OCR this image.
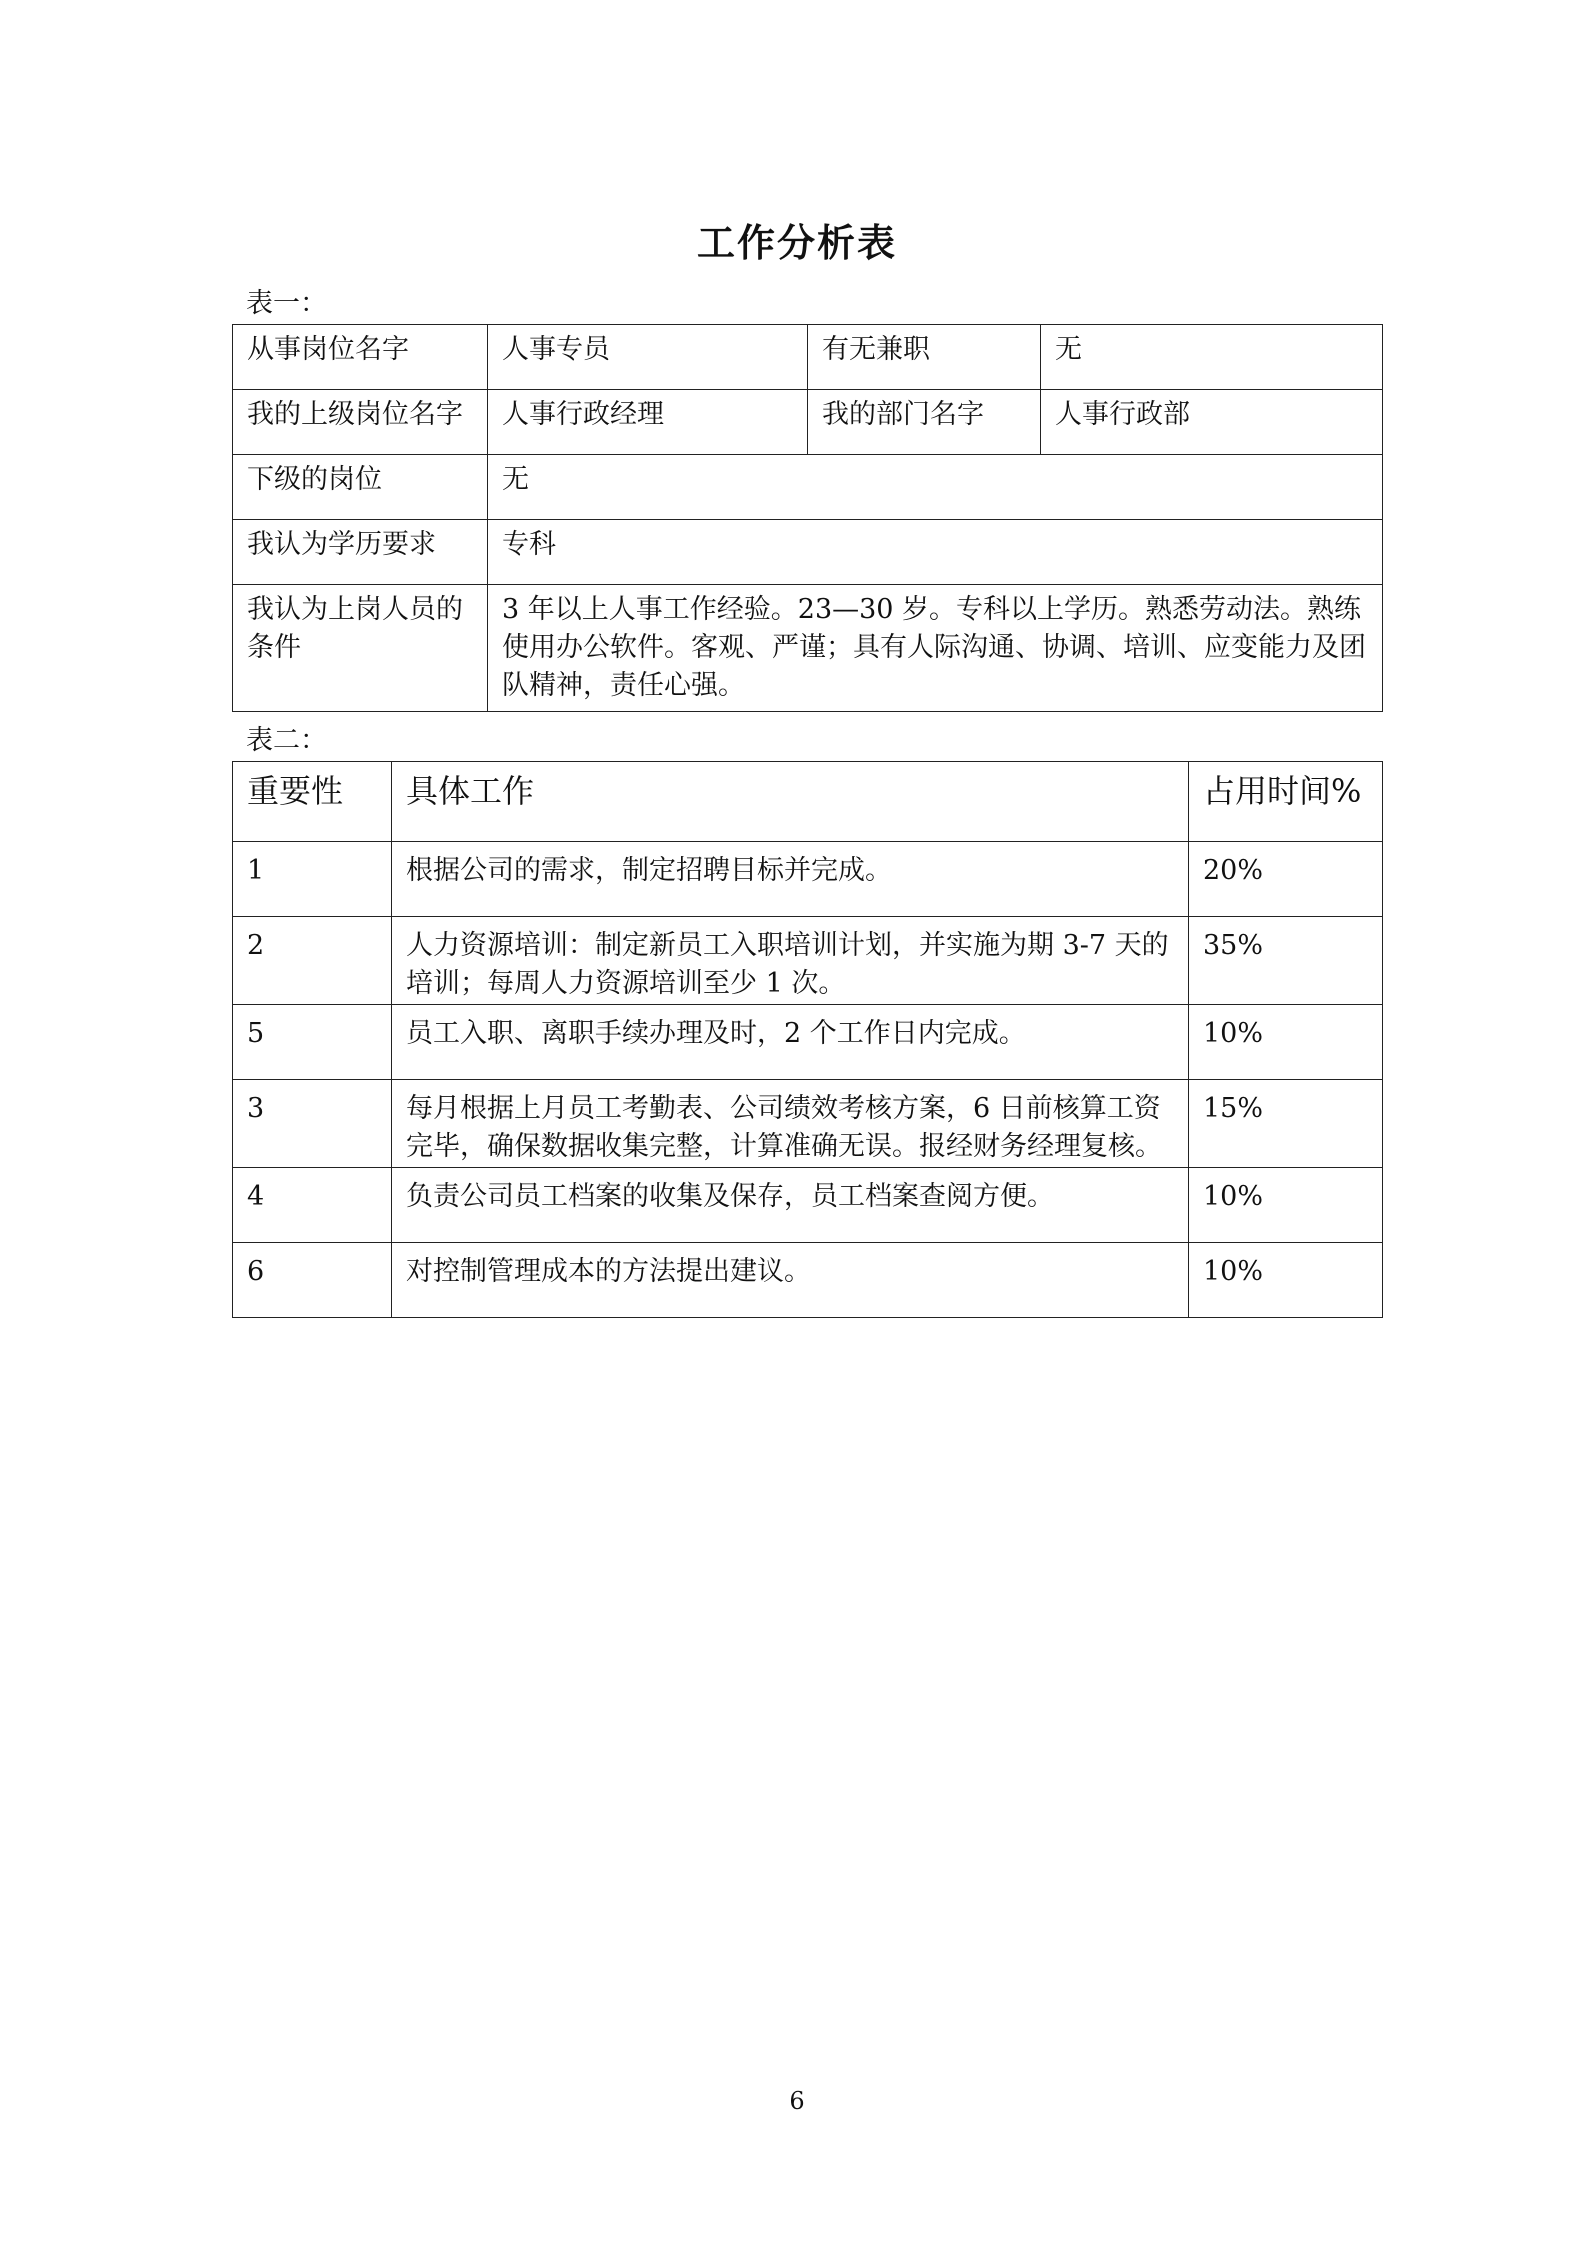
工作分析表
表一：
从事岗位名字	人事专员	有无兼职	无
我的上级岗位名字	人事行政经理	我的部门名字	人事行政部
下级的岗位	无		
我认为学历要求	专科		
我认为上岗人员的条件	3 年以上人事工作经验。23—30 岁。专科以上学历。熟悉劳动法。熟练使用办公软件。客观、严谨；具有人际沟通、协调、培训、应变能力及团队精神，责任心强。		
表二：
重要性	具体工作	占用时间%
1	根据公司的需求，制定招聘目标并完成。	20%
2	人力资源培训：制定新员工入职培训计划，并实施为期 3-7 天的培训；每周人力资源培训至少 1 次。	35%
5	员工入职、离职手续办理及时，2 个工作日内完成。	10%
3	每月根据上月员工考勤表、公司绩效考核方案，6 日前核算工资完毕，确保数据收集完整，计算准确无误。报经财务经理复核。	15%
4	负责公司员工档案的收集及保存，员工档案查阅方便。	10%
6	对控制管理成本的方法提出建议。	10%
6
